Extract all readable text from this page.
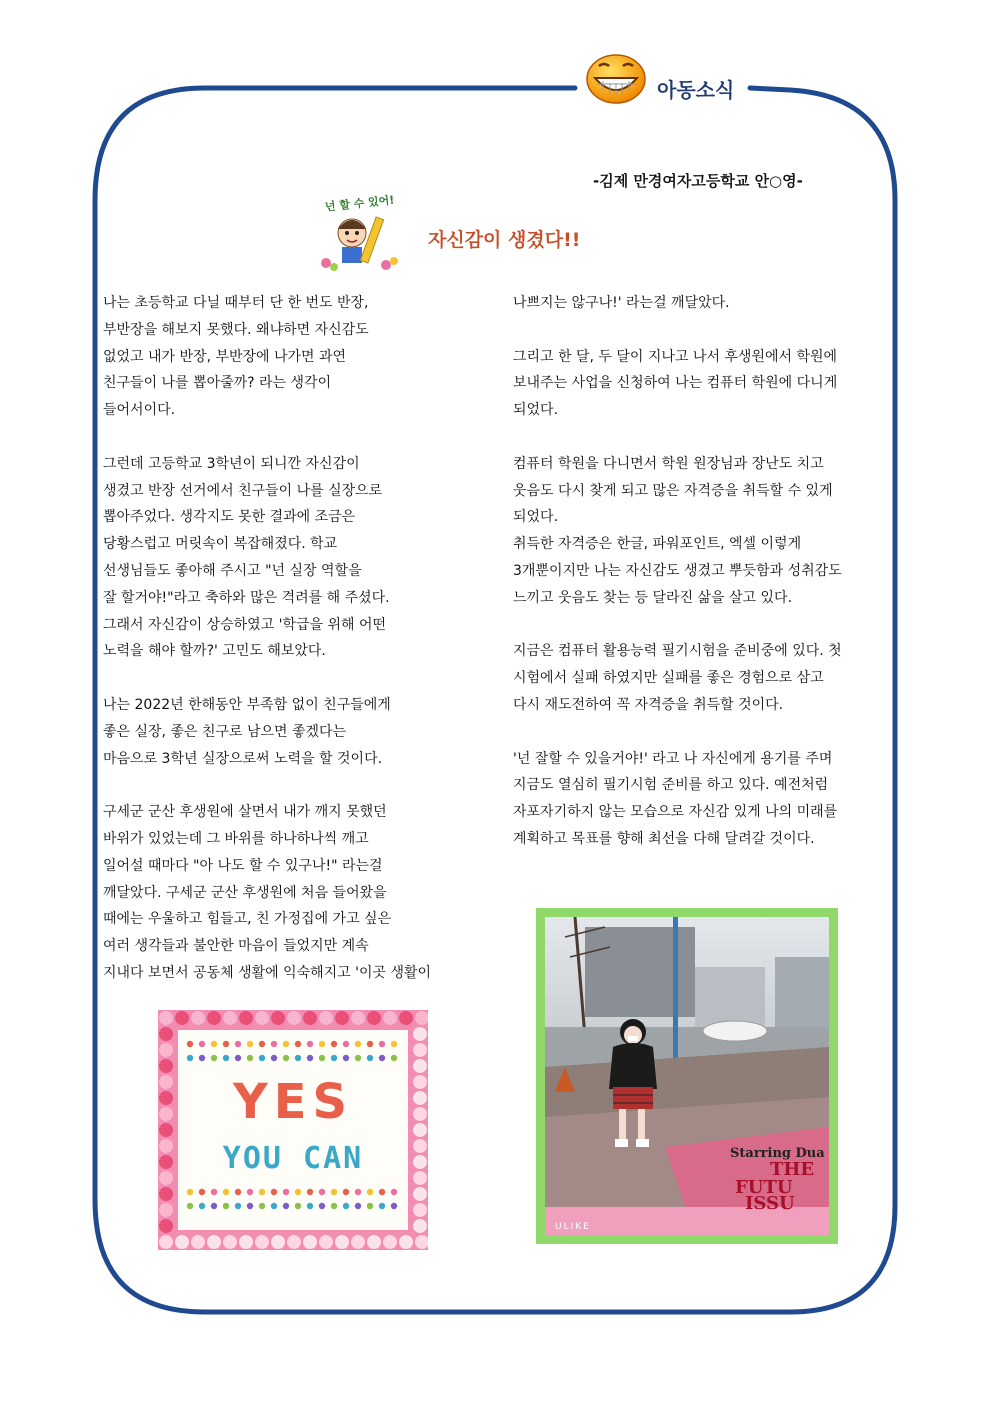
아동소식
-김제 만경여자고등학교 안○영-
넌 할 수 있어!
자신감이 생겼다!!
나는 초등학교 다닐 때부터 단 한 번도 반장,
부반장을 해보지 못했다. 왜냐하면 자신감도
없었고 내가 반장, 부반장에 나가면 과연
친구들이 나를 뽑아줄까? 라는 생각이
들어서이다.
그런데 고등학교 3학년이 되니깐 자신감이
생겼고 반장 선거에서 친구들이 나를 실장으로
뽑아주었다. 생각지도 못한 결과에 조금은
당황스럽고 머릿속이 복잡해졌다. 학교
선생님들도 좋아해 주시고 "넌 실장 역할을
잘 할거야!"라고 축하와 많은 격려를 해 주셨다.
그래서 자신감이 상승하였고 '학급을 위해 어떤
노력을 해야 할까?' 고민도 해보았다.
나는 2022년 한해동안 부족함 없이 친구들에게
좋은 실장, 좋은 친구로 남으면 좋겠다는
마음으로 3학년 실장으로써 노력을 할 것이다.
구세군 군산 후생원에 살면서 내가 깨지 못했던
바위가 있었는데 그 바위를 하나하나씩 깨고
일어설 때마다 "아 나도 할 수 있구나!" 라는걸
깨달았다. 구세군 군산 후생원에 처음 들어왔을
때에는 우울하고 힘들고, 친 가정집에 가고 싶은
여러 생각들과 불안한 마음이 들었지만 계속
지내다 보면서 공동체 생활에 익숙해지고 '이곳 생활이
나쁘지는 않구나!' 라는걸 깨달았다.
그리고 한 달, 두 달이 지나고 나서 후생원에서 학원에
보내주는 사업을 신청하여 나는 컴퓨터 학원에 다니게
되었다.
컴퓨터 학원을 다니면서 학원 원장님과 장난도 치고
웃음도 다시 찾게 되고 많은 자격증을 취득할 수 있게
되었다.
취득한 자격증은 한글, 파워포인트, 엑셀 이렇게
3개뿐이지만 나는 자신감도 생겼고 뿌듯함과 성취감도
느끼고 웃음도 찾는 등 달라진 삶을 살고 있다.
지금은 컴퓨터 활용능력 필기시험을 준비중에 있다. 첫
시험에서 실패 하였지만 실패를 좋은 경험으로 삼고
다시 재도전하여 꼭 자격증을 취득할 것이다.
'넌 잘할 수 있을거야!' 라고 나 자신에게 용기를 주며
지금도 열심히 필기시험 준비를 하고 있다. 예전처럼
자포자기하지 않는 모습으로 자신감 있게 나의 미래를
계획하고 목표를 향해 최선을 다해 달려갈 것이다.
YES
YOU CAN
ULIKE
Starring Dua
THE
FUTU
ISSU
